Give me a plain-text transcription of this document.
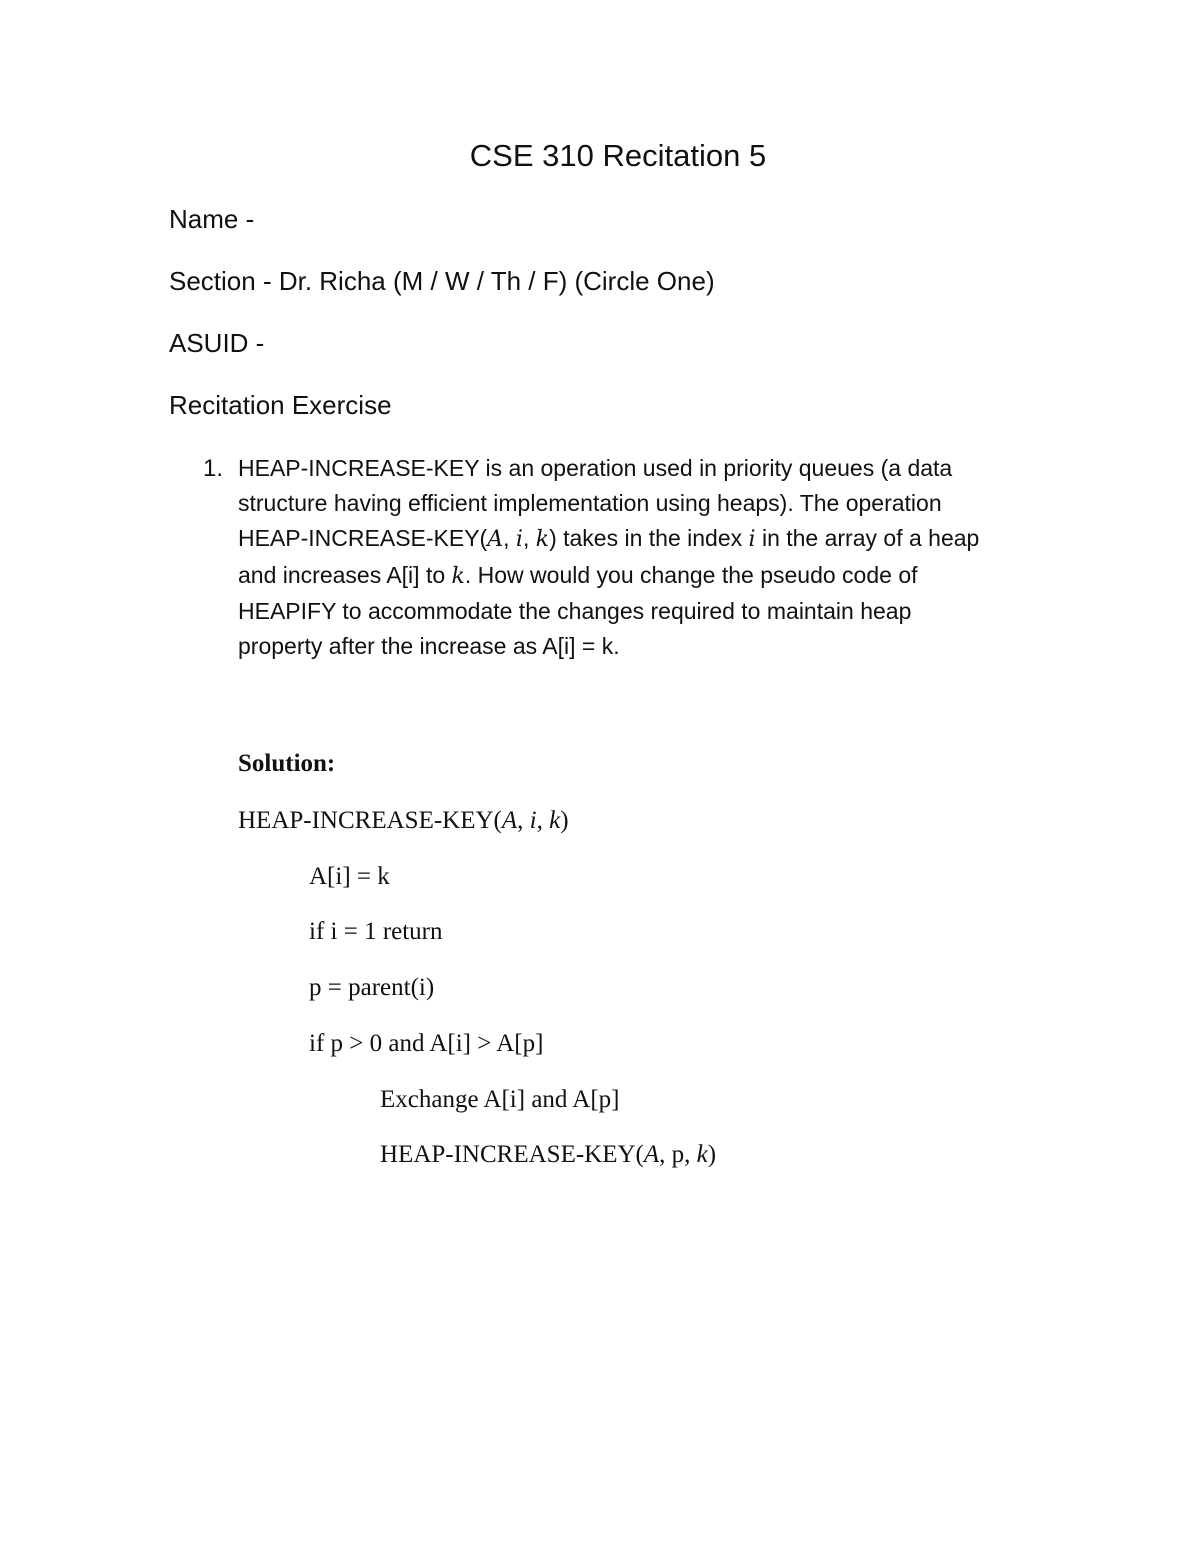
CSE 310 Recitation 5
Name -
Section - Dr. Richa (M / W / Th / F) (Circle One)
ASUID -
Recitation Exercise
1. HEAP-INCREASE-KEY is an operation used in priority queues (a data
structure having efficient implementation using heaps). The operation
HEAP-INCREASE-KEY(A, i, k) takes in the index i in the array of a heap
and increases A[i] to k. How would you change the pseudo code of
HEAPIFY to accommodate the changes required to maintain heap
property after the increase as A[i] = k.
Solution:
HEAP-INCREASE-KEY(A, i, k)
A[i] = k
if i = 1 return
p = parent(i)
if p > 0 and A[i] > A[p]
Exchange A[i] and A[p]
HEAP-INCREASE-KEY(A, p, k)
